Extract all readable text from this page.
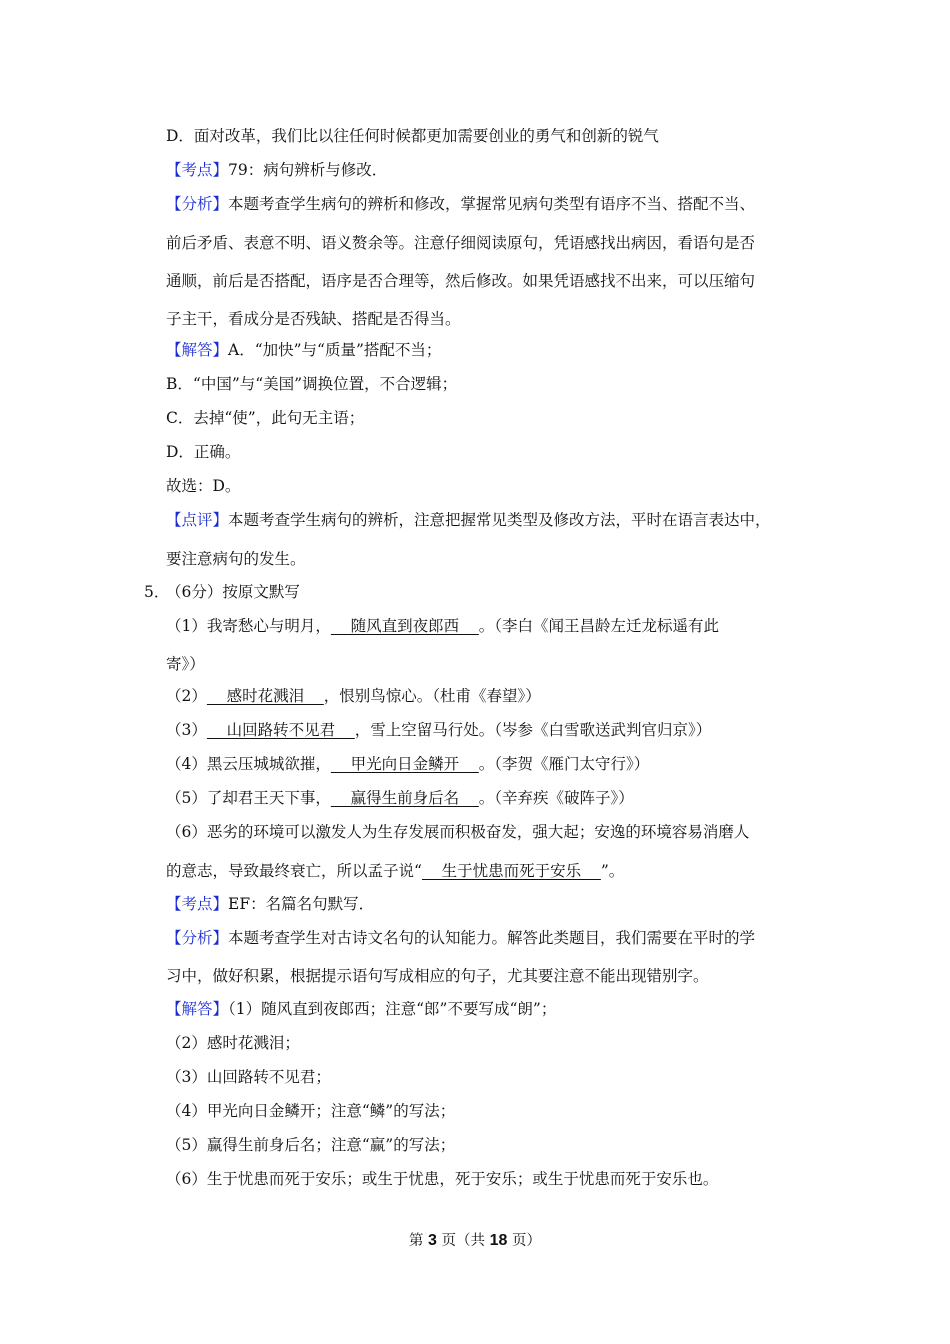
D．面对改革，我们比以往任何时候都更加需要创业的勇气和创新的锐气
【考点】79：病句辨析与修改．
【分析】本题考查学生病句的辨析和修改，掌握常见病句类型有语序不当、搭配不当、
前后矛盾、表意不明、语义赘余等。注意仔细阅读原句，凭语感找出病因，看语句是否
通顺，前后是否搭配，语序是否合理等，然后修改。如果凭语感找不出来，可以压缩句
子主干，看成分是否残缺、搭配是否得当。
【解答】A．“加快”与“质量”搭配不当；
B．“中国”与“美国”调换位置，不合逻辑；
C．去掉“使”，此句无主语；
D．正确。
故选：D。
【点评】本题考查学生病句的辨析，注意把握常见类型及修改方法，平时在语言表达中，
要注意病句的发生。
5．
（6分）按原文默写
（1）我寄愁心与明月，    随风直到夜郎西    。（李白《闻王昌龄左迁龙标遥有此
寄》）
（2）    感时花溅泪    ，恨别鸟惊心。（杜甫《春望》）
（3）    山回路转不见君    ，雪上空留马行处。（岑参《白雪歌送武判官归京》）
（4）黑云压城城欲摧，    甲光向日金鳞开    。（李贺《雁门太守行》）
（5）了却君王天下事，    赢得生前身后名    。（辛弃疾《破阵子》）
（6）恶劣的环境可以激发人为生存发展而积极奋发，强大起；安逸的环境容易消磨人
的意志，导致最终衰亡，所以孟子说“    生于忧患而死于安乐    ”。
【考点】EF：名篇名句默写．
【分析】本题考查学生对古诗文名句的认知能力。解答此类题目，我们需要在平时的学
习中，做好积累，根据提示语句写成相应的句子，尤其要注意不能出现错别字。
【解答】（1）随风直到夜郎西；注意“郎”不要写成“朗”；
（2）感时花溅泪；
（3）山回路转不见君；
（4）甲光向日金鳞开；注意“鳞”的写法；
（5）赢得生前身后名；注意“赢”的写法；
（6）生于忧患而死于安乐；或生于忧患，死于安乐；或生于忧患而死于安乐也。
第 3 页（共 18 页）
